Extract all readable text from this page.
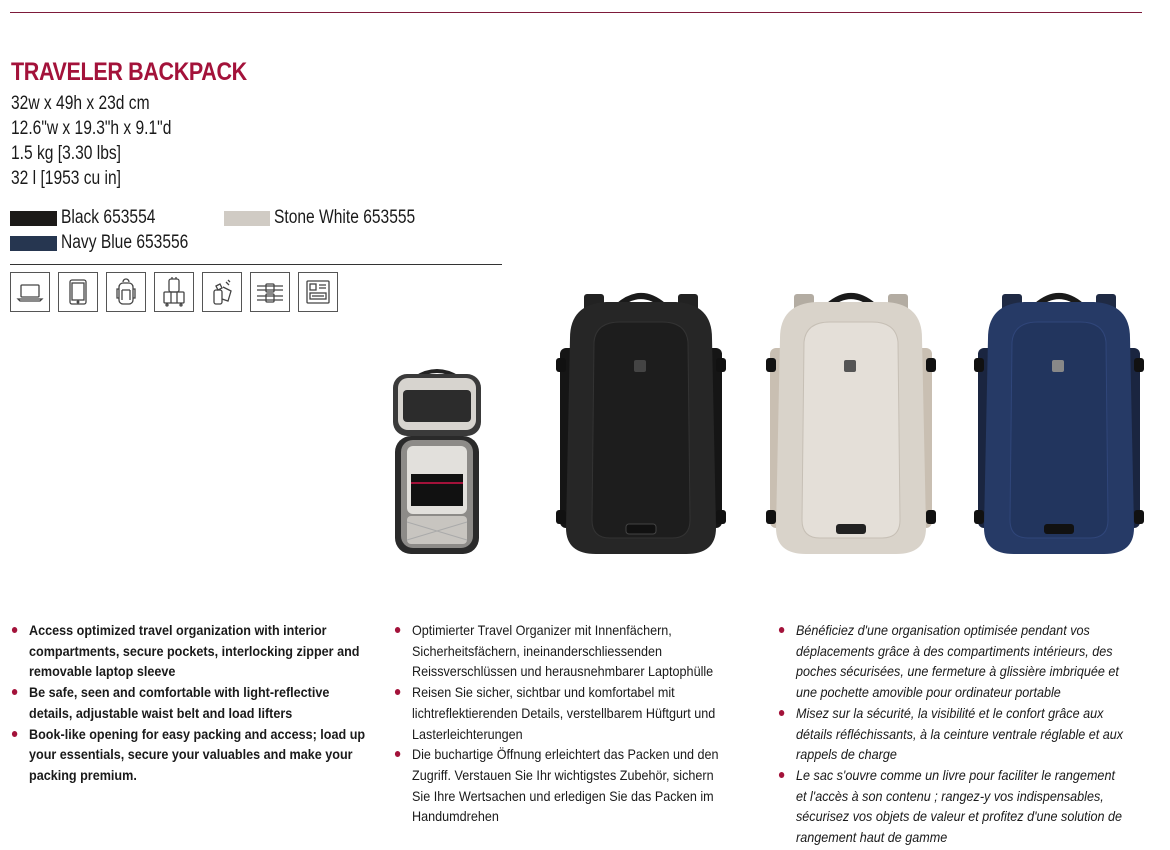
TRAVELER BACKPACK
32w x 49h x 23d cm
12.6"w x 19.3"h x 9.1"d
1.5 kg [3.30 lbs]
32 l [1953 cu in]
Black 653554	Stone White 653555
Navy Blue 653556
Access optimized travel organization with interior compartments, secure pockets, interlocking zipper and removable laptop sleeve
Be safe, seen and comfortable with light-reflective details, adjustable waist belt and load lifters
Book-like opening for easy packing and access; load up your essentials, secure your valuables and make your packing premium.
Optimierter Travel Organizer mit Innenfächern, Sicherheitsfächern, ineinanderschliessenden Reissverschlüssen und herausnehmbarer Laptophülle
Reisen Sie sicher, sichtbar und komfortabel mit lichtreflektierenden Details, verstellbarem Hüftgurt und Lasterleichterungen
Die buchartige Öffnung erleichtert das Packen und den Zugriff. Verstauen Sie Ihr wichtigstes Zubehör, sichern Sie Ihre Wertsachen und erledigen Sie das Packen im Handumdrehen
Bénéficiez d'une organisation optimisée pendant vos déplacements grâce à des compartiments intérieurs, des poches sécurisées, une fermeture à glissière imbriquée et une pochette amovible pour ordinateur portable
Misez sur la sécurité, la visibilité et le confort grâce aux détails réfléchissants, à la ceinture ventrale réglable et aux rappels de charge
Le sac s'ouvre comme un livre pour faciliter le rangement et l'accès à son contenu ; rangez-y vos indispensables, sécurisez vos objets de valeur et profitez d'une solution de rangement haut de gamme
